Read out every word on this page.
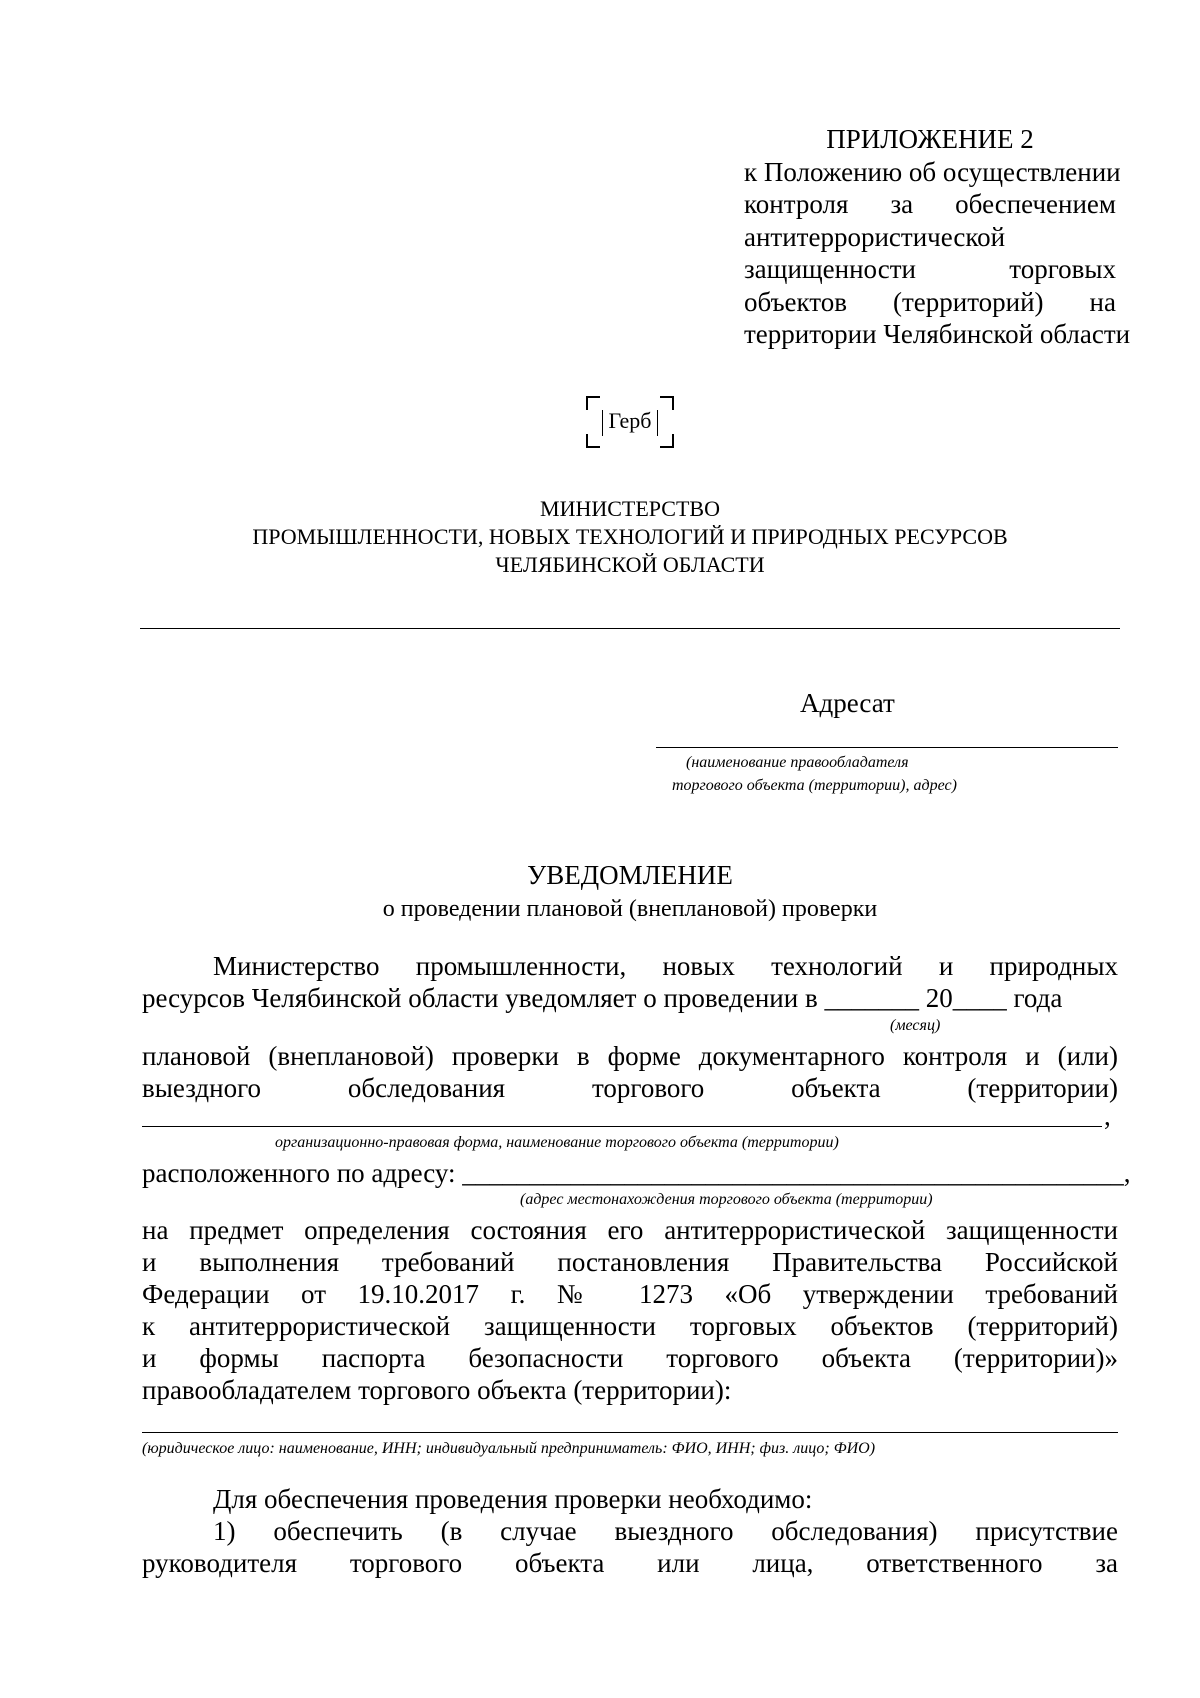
ПРИЛОЖЕНИЕ 2
к Положению об осуществлении
контроля за обеспечением
антитеррористической
защищенности торговых
объектов (территорий) на
территории Челябинской области
Герб
МИНИСТЕРСТВО
ПРОМЫШЛЕННОСТИ, НОВЫХ ТЕХНОЛОГИЙ И ПРИРОДНЫХ РЕСУРСОВ
ЧЕЛЯБИНСКОЙ ОБЛАСТИ
Адресат
(наименование правообладателя
торгового объекта (территории), адрес)
УВЕДОМЛЕНИЕ
о проведении плановой (внеплановой) проверки
Министерство промышленности, новых технологий и природных
ресурсов Челябинской области уведомляет о проведении в _______ 20____ года
(месяц)
плановой (внеплановой) проверки в форме документарного контроля и (или)
выездного обследования торгового объекта (территории)
,
организационно-правовая форма, наименование торгового объекта (территории)
расположенного по адресу: _________________________________________________,
(адрес местонахождения торгового объекта (территории)
на предмет определения состояния его антитеррористической защищенности
и выполнения требований постановления Правительства Российской
Федерации от 19.10.2017 г. № 1273 «Об утверждении требований
к антитеррористической защищенности торговых объектов (территорий)
и формы паспорта безопасности торгового объекта (территории)»
правообладателем торгового объекта (территории):
(юридическое лицо: наименование, ИНН; индивидуальный предприниматель: ФИО, ИНН; физ. лицо; ФИО)
Для обеспечения проведения проверки необходимо:
1) обеспечить (в случае выездного обследования) присутствие
руководителя торгового объекта или лица, ответственного за
